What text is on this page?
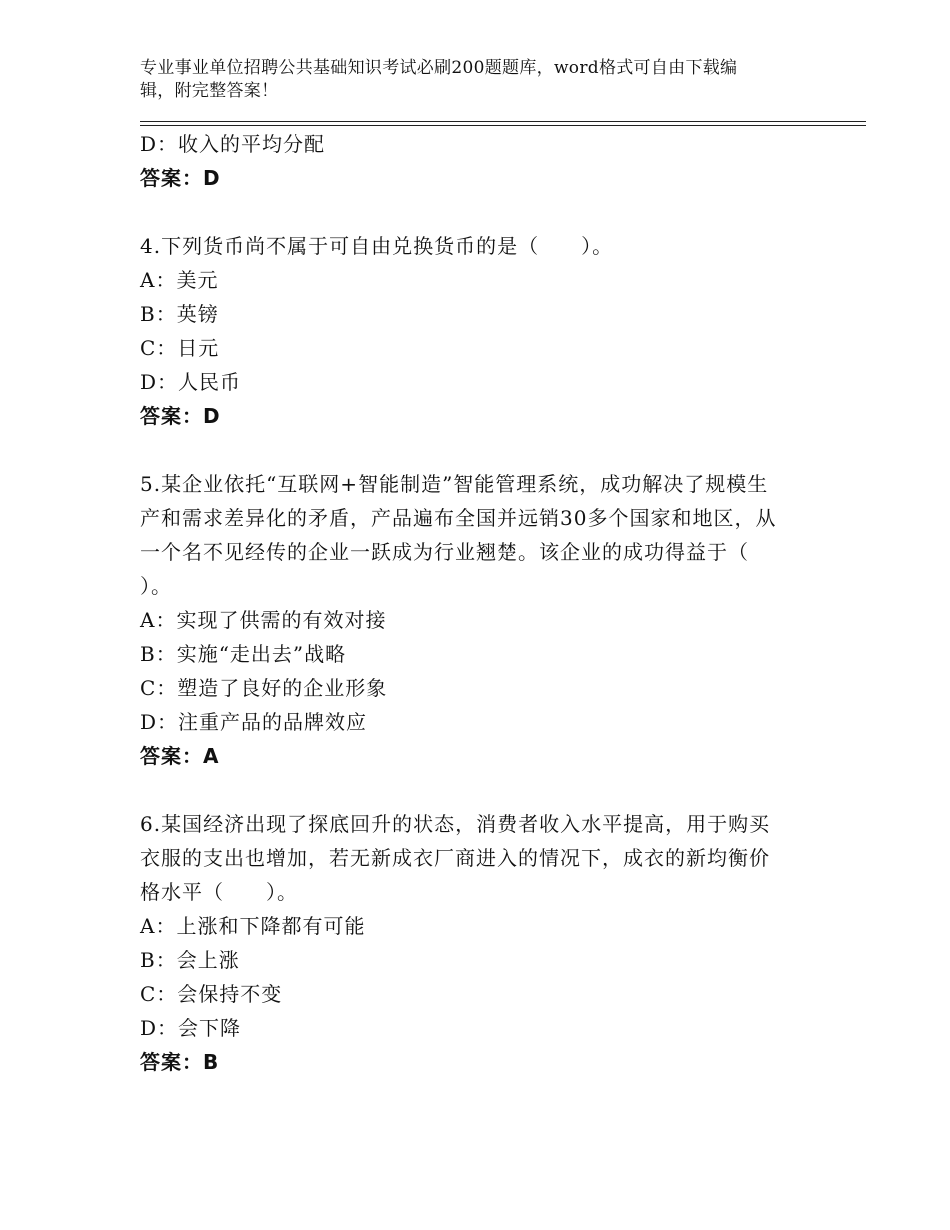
专业事业单位招聘公共基础知识考试必刷200题题库，word格式可自由下载编
辑，附完整答案！
D：收入的平均分配
答案：D
4.下列货币尚不属于可自由兑换货币的是（　　）。
A：美元
B：英镑
C：日元
D：人民币
答案：D
5.某企业依托“互联网+智能制造”智能管理系统，成功解决了规模生
产和需求差异化的矛盾，产品遍布全国并远销30多个国家和地区，从
一个名不见经传的企业一跃成为行业翘楚。该企业的成功得益于（
）。
A：实现了供需的有效对接
B：实施“走出去”战略
C：塑造了良好的企业形象
D：注重产品的品牌效应
答案：A
6.某国经济出现了探底回升的状态，消费者收入水平提高，用于购买
衣服的支出也增加，若无新成衣厂商进入的情况下，成衣的新均衡价
格水平（　　）。
A：上涨和下降都有可能
B：会上涨
C：会保持不变
D：会下降
答案：B
